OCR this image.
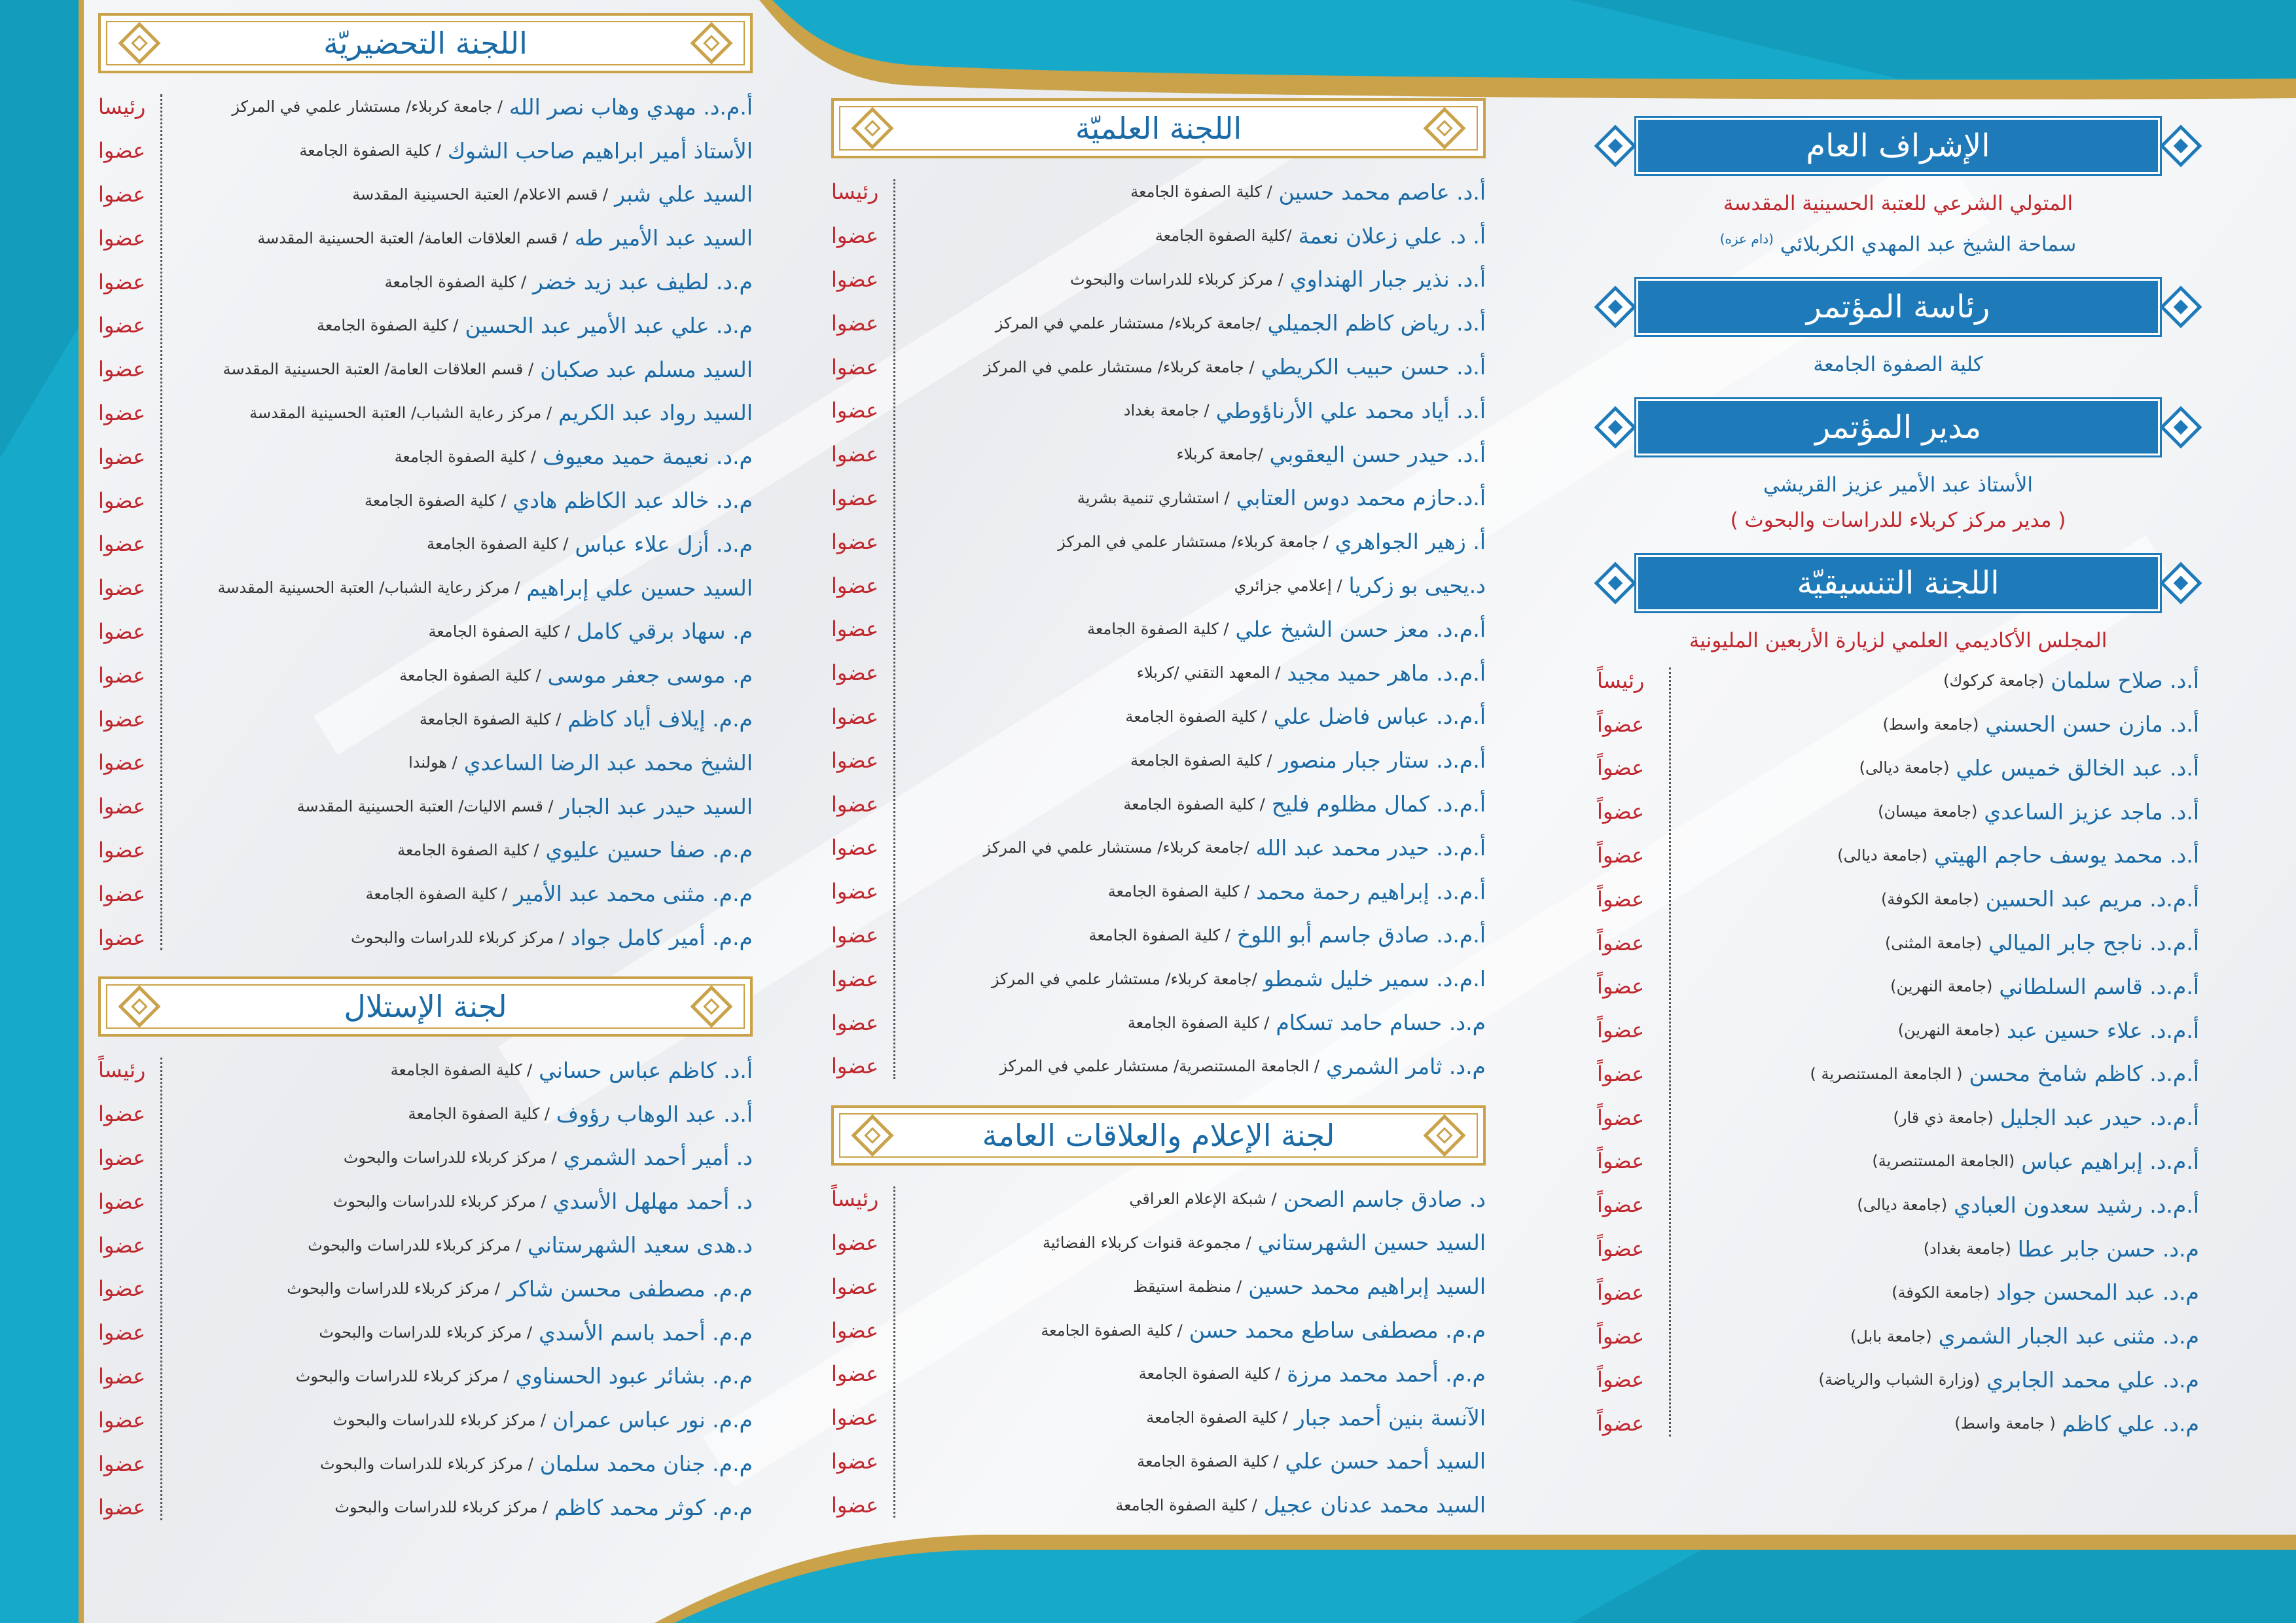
الإشراف العام
المتولي الشرعي للعتبة الحسينية المقدسة
سماحة الشيخ عبد المهدي الكربلائي $^{(دام عزه)}$
رئاسة المؤتمر
كلية الصفوة الجامعة
مدير المؤتمر
الأستاذ عبد الأمير عزيز القريشي
( مدير مركز كربلاء للدراسات والبحوث )
اللجنة التنسيقيّة
المجلس الأكاديمي العلمي لزيارة الأربعين المليونية
أ.د. صلاح سلمان
(جامعة كركوك)
رئيساً
أ.د. مازن حسن الحسني
(جامعة واسط)
عضواً
أ.د. عبد الخالق خميس علي
(جامعة ديالى)
عضواً
أ.د. ماجد عزيز الساعدي
(جامعة ميسان)
عضواً
أ.د. محمد يوسف حاجم الهيتي
(جامعة ديالى)
عضواً
أ.م.د. مريم عبد الحسين
(جامعة الكوفة)
عضواً
أ.م.د. ناجح جابر الميالي
(جامعة المثنى)
عضواً
أ.م.د. قاسم السلطاني
(جامعة النهرين)
عضواً
أ.م.د. علاء حسين عبد
(جامعة النهرين)
عضواً
أ.م.د. كاظم شامخ محسن
( الجامعة المستنصرية )
عضواً
أ.م.د. حيدر عبد الجليل
(جامعة ذي قار)
عضواً
أ.م.د. إبراهيم عباس
(الجامعة المستنصرية)
عضواً
أ.م.د. رشيد سعدون العبادي
(جامعة ديالى)
عضواً
م.د. حسن جابر عطا
(جامعة بغداد)
عضواً
م.د. عبد المحسن جواد
(جامعة الكوفة)
عضواً
م.د. مثنى عبد الجبار الشمري
(جامعة بابل)
عضواً
م.د. علي محمد الجابري
(وزارة الشباب والرياضة)
عضواً
م.د. علي كاظم
( جامعة واسط)
عضواً
اللجنة العلميّة
أ.د. عاصم محمد حسين
/ كلية الصفوة الجامعة
رئيسا
أ. د. علي زعلان نعمة
/كلية الصفوة الجامعة
عضوا
أ.د. نذير جبار الهنداوي
/ مركز كربلاء للدراسات والبحوث
عضوا
أ.د. رياض كاظم الجميلي
/جامعة كربلاء/ مستشار علمي في المركز
عضوا
أ.د. حسن حبيب الكريطي
/ جامعة كربلاء/ مستشار علمي في المركز
عضوا
أ.د. أياد محمد علي الأرناؤوطي
/ جامعة بغداد
عضوا
أ.د. حيدر حسن اليعقوبي
/جامعة كربلاء
عضوا
أ.د.حازم محمد دوس العتابي
/ استشاري تنمية بشرية
عضوا
أ. زهير الجواهري
/ جامعة كربلاء/ مستشار علمي في المركز
عضوا
د.يحيى بو زكريا
/ إعلامي جزائري
عضوا
أ.م.د. معز حسن الشيخ علي
/ كلية الصفوة الجامعة
عضوا
أ.م.د. ماهر حميد مجيد
/ المعهد التقني /كربلاء
عضوا
أ.م.د. عباس فاضل علي
/ كلية الصفوة الجامعة
عضوا
أ.م.د. ستار جبار منصور
/ كلية الصفوة الجامعة
عضوا
أ.م.د. كمال مظلوم فليح
/ كلية الصفوة الجامعة
عضوا
أ.م.د. حيدر محمد عبد الله
/جامعة كربلاء/ مستشار علمي في المركز
عضوا
أ.م.د. إبراهيم رحمة محمد
/ كلية الصفوة الجامعة
عضوا
أ.م.د. صادق جاسم أبو اللوخ
/ كلية الصفوة الجامعة
عضوا
ا.م.د. سمير خليل شمطو
/جامعة كربلاء/ مستشار علمي في المركز
عضوا
م.د. حسام حامد تسكام
/ كلية الصفوة الجامعة
عضوا
م.د. ثامر الشمري
/ الجامعة المستنصرية/ مستشار علمي في المركز
عضوا
لجنة الإعلام والعلاقات العامة
د. صادق جاسم الصحن
/ شبكة الإعلام العراقي
رئيساً
السيد حسين الشهرستاني
/ مجموعة قنوات كربلاء الفضائية
عضوا
السيد إبراهيم محمد حسين
/ منظمة استيقظ
عضوا
م.م. مصطفى ساطع محمد حسن
/ كلية الصفوة الجامعة
عضوا
م.م. أحمد محمد مرزة
/ كلية الصفوة الجامعة
عضوا
الآنسة بنين أحمد جبار
/ كلية الصفوة الجامعة
عضوا
السيد أحمد حسن علي
/ كلية الصفوة الجامعة
عضوا
السيد محمد عدنان عجيل
/ كلية الصفوة الجامعة
عضوا
اللجنة التحضيريّة
أ.م.د. مهدي وهاب نصر الله
/ جامعة كربلاء/ مستشار علمي في المركز
رئيسا
الأستاذ أمير ابراهيم صاحب الشوك
/ كلية الصفوة الجامعة
عضوا
السيد علي شبر
/ قسم الاعلام/ العتبة الحسينية المقدسة
عضوا
السيد عبد الأمير طه
/ قسم العلاقات العامة/ العتبة الحسينية المقدسة
عضوا
م.د. لطيف عبد زيد خضر
/ كلية الصفوة الجامعة
عضوا
م.د. علي عبد الأمير عبد الحسين
/ كلية الصفوة الجامعة
عضوا
السيد مسلم عبد صكبان
/ قسم العلاقات العامة/ العتبة الحسينية المقدسة
عضوا
السيد رواد عبد الكريم
/ مركز رعاية الشباب/ العتبة الحسينية المقدسة
عضوا
م.د. نعيمة حميد معيوف
/ كلية الصفوة الجامعة
عضوا
م.د. خالد عبد الكاظم هادي
/ كلية الصفوة الجامعة
عضوا
م.د. أزل علاء عباس
/ كلية الصفوة الجامعة
عضوا
السيد حسين علي إبراهيم
/ مركز رعاية الشباب/ العتبة الحسينية المقدسة
عضوا
م. سهاد برقي كامل
/ كلية الصفوة الجامعة
عضوا
م. موسى جعفر موسى
/ كلية الصفوة الجامعة
عضوا
م.م. إيلاف أياد كاظم
/ كلية الصفوة الجامعة
عضوا
الشيخ محمد عبد الرضا الساعدي
/ هولندا
عضوا
السيد حيدر عبد الجبار
/ قسم الاليات/ العتبة الحسينية المقدسة
عضوا
م.م. صفا حسين عليوي
/ كلية الصفوة الجامعة
عضوا
م.م. مثنى محمد عبد الأمير
/ كلية الصفوة الجامعة
عضوا
م.م. أمير كامل جواد
/ مركز كربلاء للدراسات والبحوث
عضوا
لجنة الإستلال
أ.د. كاظم عباس حساني
/ كلية الصفوة الجامعة
رئيساً
أ.د. عبد الوهاب رؤوف
/ كلية الصفوة الجامعة
عضوا
د. أمير أحمد الشمري
/ مركز كربلاء للدراسات والبحوث
عضوا
د. أحمد مهلهل الأسدي
/ مركز كربلاء للدراسات والبحوث
عضوا
د.هدى سعيد الشهرستاني
/ مركز كربلاء للدراسات والبحوث
عضوا
م.م. مصطفى محسن شاكر
/ مركز كربلاء للدراسات والبحوث
عضوا
م.م. أحمد باسم الأسدي
/ مركز كربلاء للدراسات والبحوث
عضوا
م.م. بشائر عبود الحسناوي
/ مركز كربلاء للدراسات والبحوث
عضوا
م.م. نور عباس عمران
/ مركز كربلاء للدراسات والبحوث
عضوا
م.م. جنان محمد سلمان
/ مركز كربلاء للدراسات والبحوث
عضوا
م.م. كوثر محمد كاظم
/ مركز كربلاء للدراسات والبحوث
عضوا
